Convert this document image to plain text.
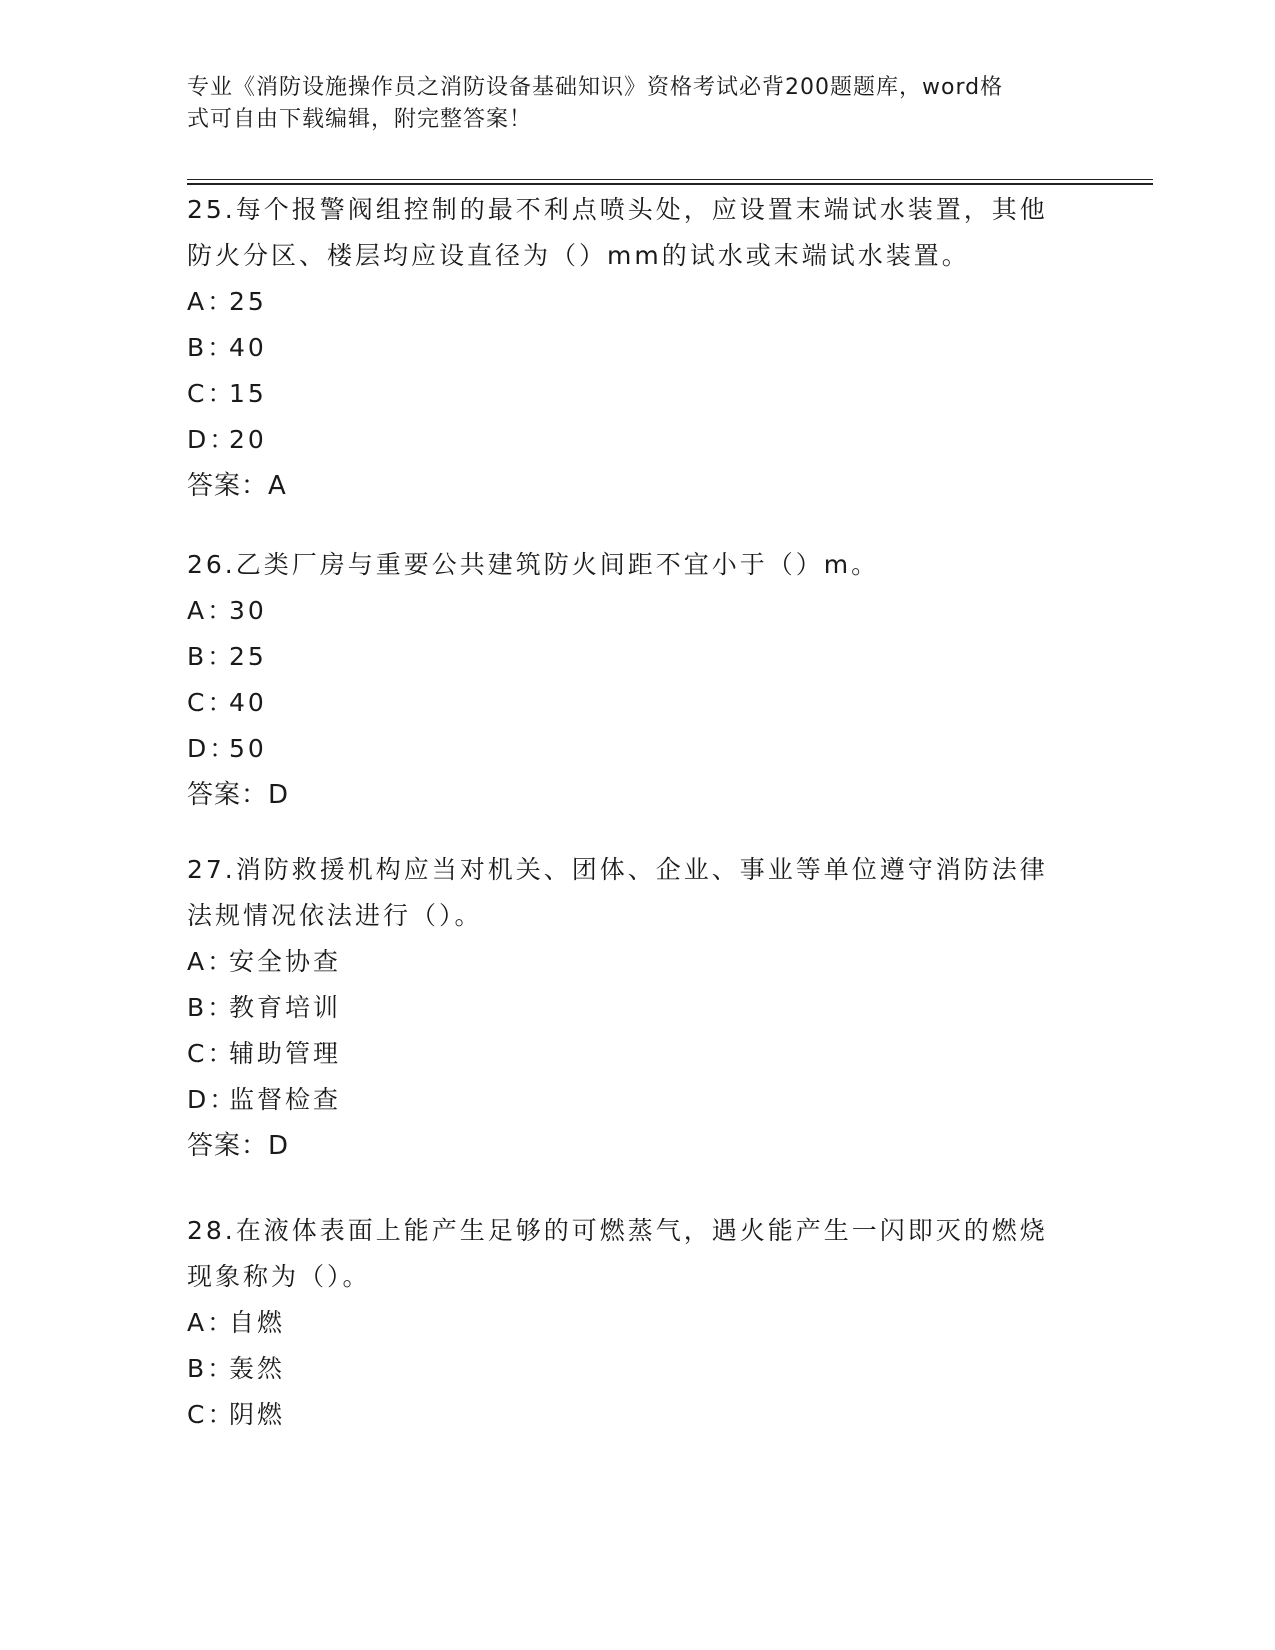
专业《消防设施操作员之消防设备基础知识》资格考试必背200题题库，word格
式可自由下载编辑，附完整答案！

25.每个报警阀组控制的最不利点喷头处，应设置末端试水装置，其他
防火分区、楼层均应设直径为（）mm的试水或末端试水装置。

A：25

B：40

C：15

D：20

答案：A

26.乙类厂房与重要公共建筑防火间距不宜小于（）m。

A：30

B：25

C：40

D：50

答案：D

27.消防救援机构应当对机关、团体、企业、事业等单位遵守消防法律
法规情况依法进行（）。

A：安全协查

B：教育培训

C：辅助管理

D：监督检查

答案：D

28.在液体表面上能产生足够的可燃蒸气，遇火能产生一闪即灭的燃烧
现象称为（）。

A：自燃

B：轰然

C：阴燃
